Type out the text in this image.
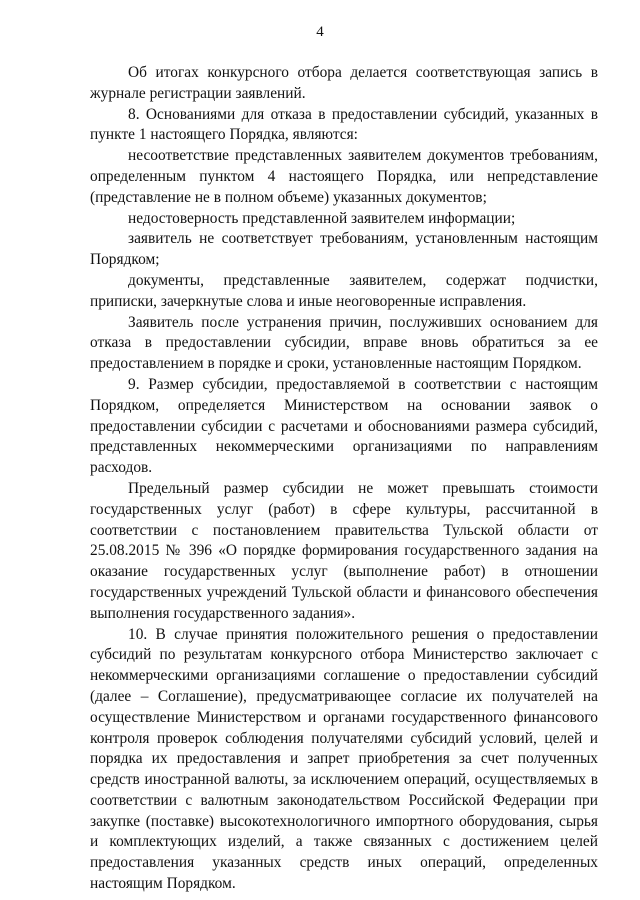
4

Об итогах конкурсного отбора делается соответствующая запись в журнале регистрации заявлений.

8. Основаниями для отказа в предоставлении субсидий, указанных в пункте 1 настоящего Порядка, являются:

несоответствие представленных заявителем документов требованиям, определенным пунктом 4 настоящего Порядка, или непредставление (представление не в полном объеме) указанных документов;

недостоверность представленной заявителем информации;

заявитель не соответствует требованиям, установленным настоящим Порядком;

документы, представленные заявителем, содержат подчистки, приписки, зачеркнутые слова и иные неоговоренные исправления.

Заявитель после устранения причин, послуживших основанием для отказа в предоставлении субсидии, вправе вновь обратиться за ее предоставлением в порядке и сроки, установленные настоящим Порядком.

9. Размер субсидии, предоставляемой в соответствии с настоящим Порядком, определяется Министерством на основании заявок о предоставлении субсидии с расчетами и обоснованиями размера субсидий, представленных некоммерческими организациями по направлениям расходов.

Предельный размер субсидии не может превышать стоимости государственных услуг (работ) в сфере культуры, рассчитанной в соответствии с постановлением правительства Тульской области от 25.08.2015 № 396 «О порядке формирования государственного задания на оказание государственных услуг (выполнение работ) в отношении государственных учреждений Тульской области и финансового обеспечения выполнения государственного задания».

10. В случае принятия положительного решения о предоставлении субсидий по результатам конкурсного отбора Министерство заключает с некоммерческими организациями соглашение о предоставлении субсидий (далее – Соглашение), предусматривающее согласие их получателей на осуществление Министерством и органами государственного финансового контроля проверок соблюдения получателями субсидий условий, целей и порядка их предоставления и запрет приобретения за счет полученных средств иностранной валюты, за исключением операций, осуществляемых в соответствии с валютным законодательством Российской Федерации при закупке (поставке) высокотехнологичного импортного оборудования, сырья и комплектующих изделий, а также связанных с достижением целей предоставления указанных средств иных операций, определенных настоящим Порядком.
